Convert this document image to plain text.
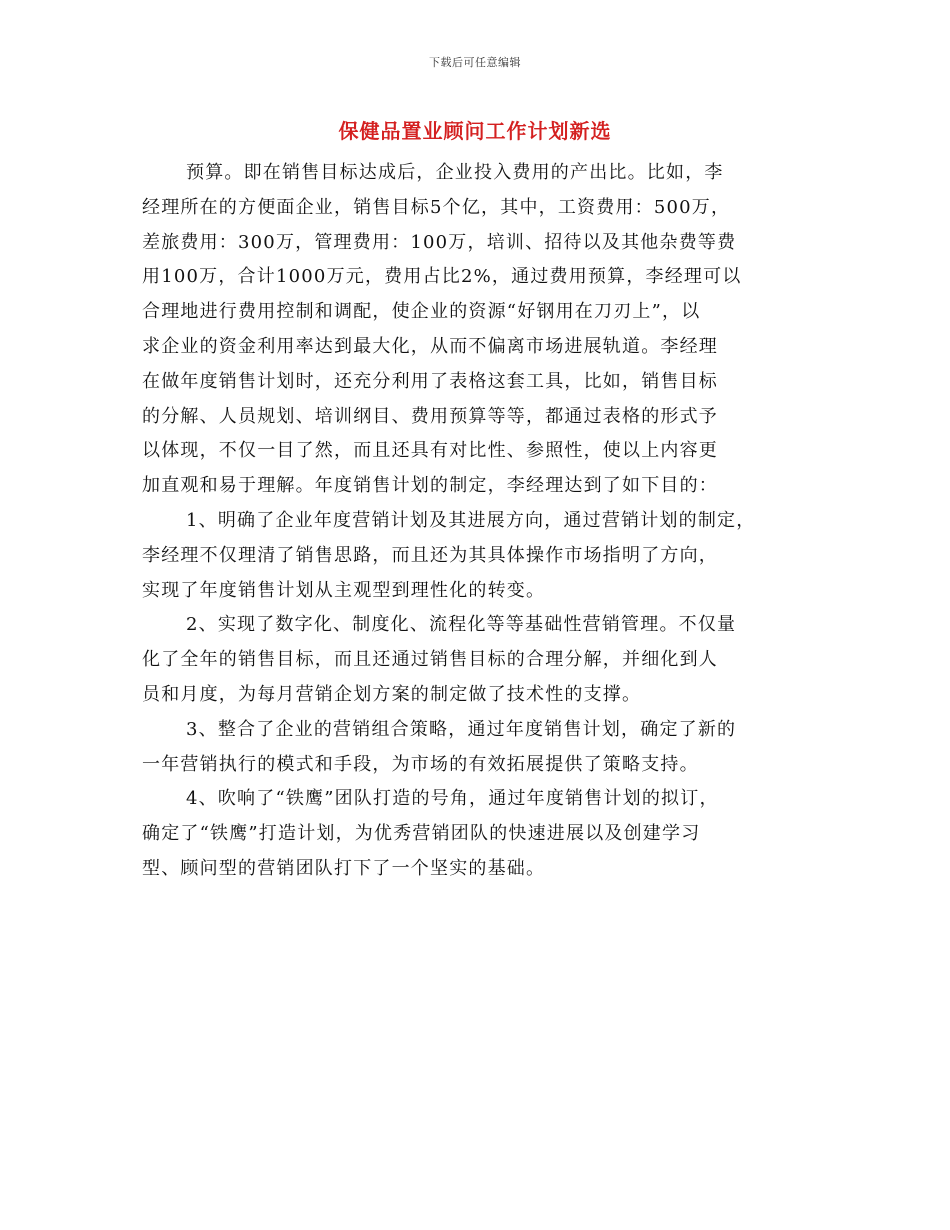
下载后可任意编辑
保健品置业顾问工作计划新选
预算。即在销售目标达成后，企业投入费用的产出比。比如，李
经理所在的方便面企业，销售目标5个亿，其中，工资费用：500万，
差旅费用：300万，管理费用：100万，培训、招待以及其他杂费等费
用100万，合计1000万元，费用占比2%，通过费用预算，李经理可以
合理地进行费用控制和调配，使企业的资源“好钢用在刀刃上”，以
求企业的资金利用率达到最大化，从而不偏离市场进展轨道。李经理
在做年度销售计划时，还充分利用了表格这套工具，比如，销售目标
的分解、人员规划、培训纲目、费用预算等等，都通过表格的形式予
以体现，不仅一目了然，而且还具有对比性、参照性，使以上内容更
加直观和易于理解。年度销售计划的制定，李经理达到了如下目的：
1、明确了企业年度营销计划及其进展方向，通过营销计划的制定，
李经理不仅理清了销售思路，而且还为其具体操作市场指明了方向，
实现了年度销售计划从主观型到理性化的转变。
2、实现了数字化、制度化、流程化等等基础性营销管理。不仅量
化了全年的销售目标，而且还通过销售目标的合理分解，并细化到人
员和月度，为每月营销企划方案的制定做了技术性的支撑。
3、整合了企业的营销组合策略，通过年度销售计划，确定了新的
一年营销执行的模式和手段，为市场的有效拓展提供了策略支持。
4、吹响了“铁鹰”团队打造的号角，通过年度销售计划的拟订，
确定了“铁鹰”打造计划，为优秀营销团队的快速进展以及创建学习
型、顾问型的营销团队打下了一个坚实的基础。
